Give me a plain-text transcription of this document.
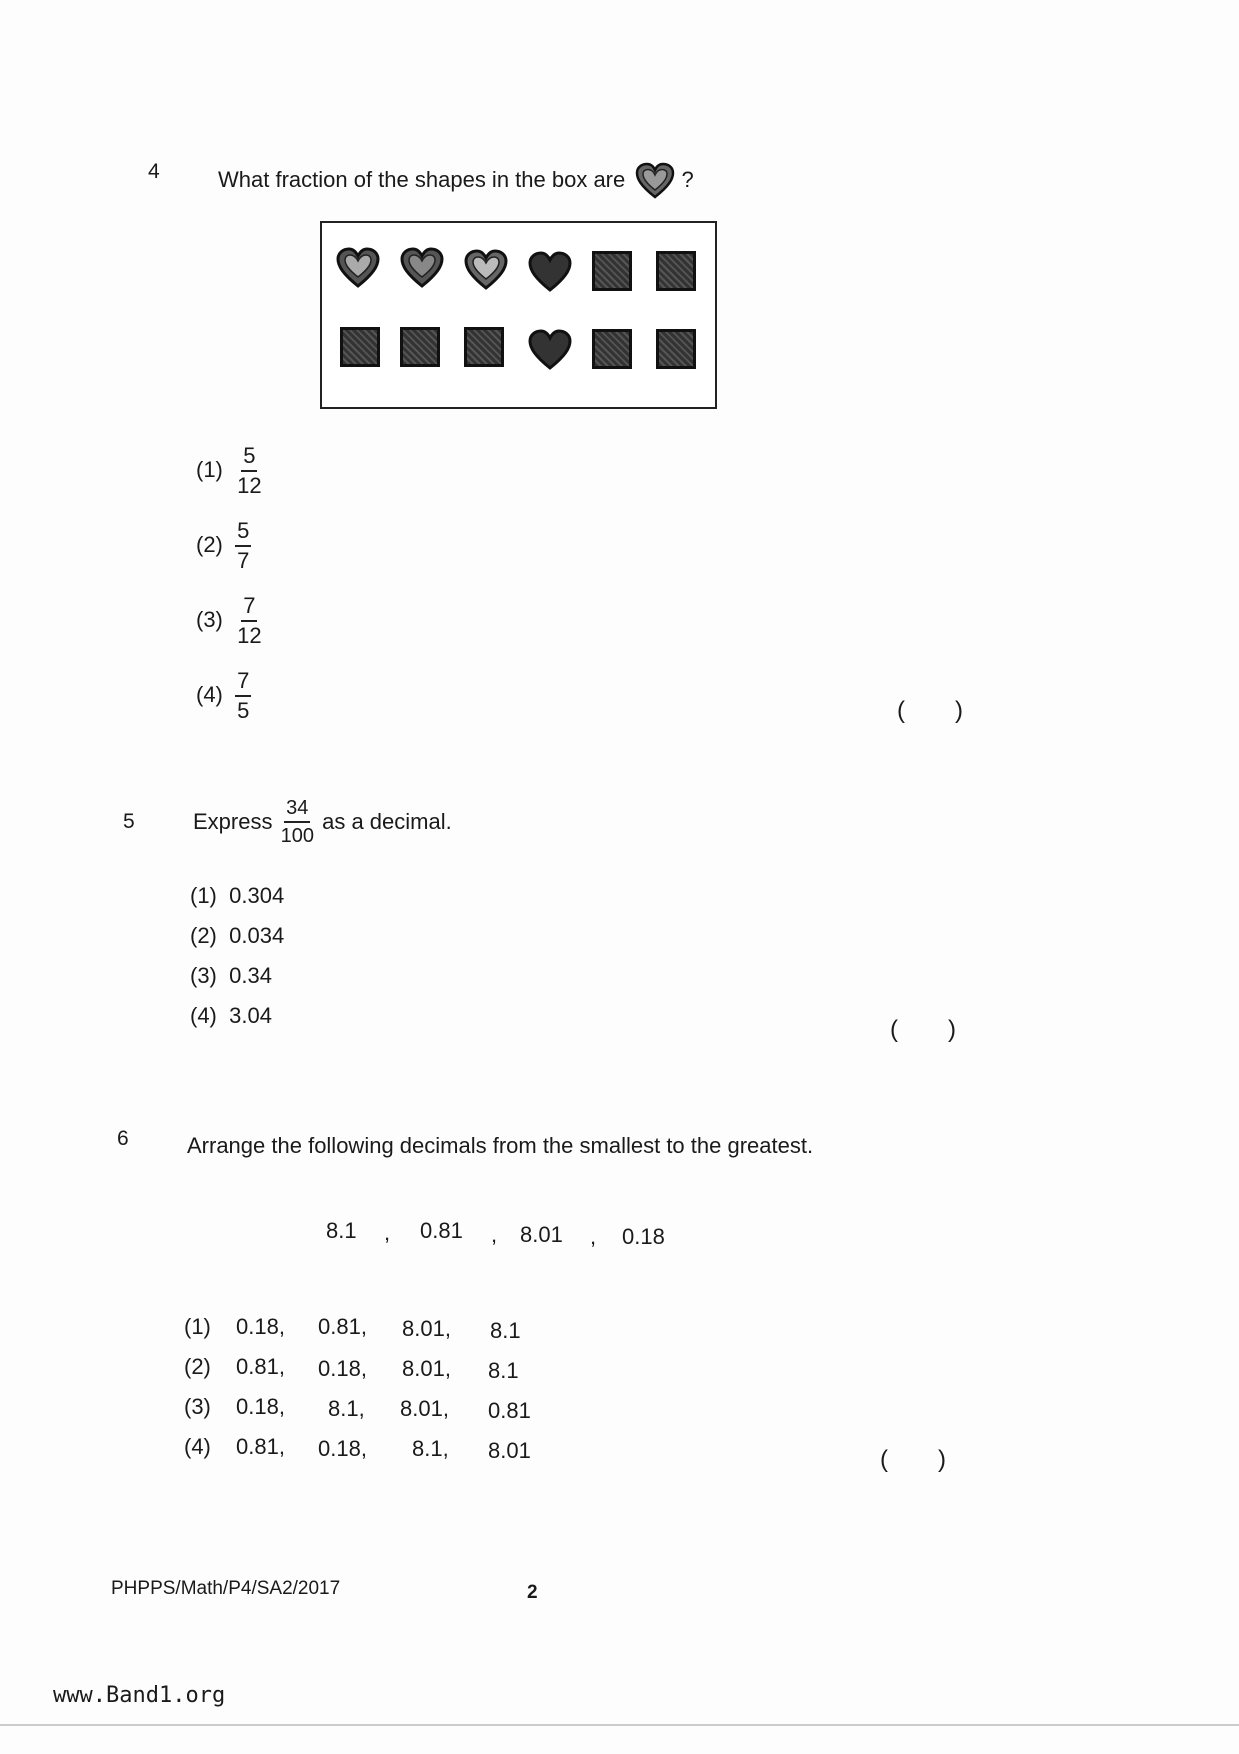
4	What fraction of the shapes in the box are	?
$(1) \frac{5}{12}$
$(2) \frac{5}{7}$
$(3) \frac{7}{12}$
$(4) \frac{7}{5}$	( )
5	Express $\frac{34}{100}$ as a decimal.
(1) 0.304
(2) 0.034
(3) 0.34
(4) 3.04
( )
6	Arrange the following decimals from the smallest to the greatest.
8.1 , 0.81 , 8.01 , 0.18
(1) 0.18, 0.81, 8.01, 8.1
(2) 0.81, 0.18, 8.01, 8.1
(3) 0.18, 8.1, 8.01, 0.81
(4) 0.81, 0.18, 8.1, 8.01	( )
PHPPS/Math/P4/SA2/2017	2
www.Band1.org
